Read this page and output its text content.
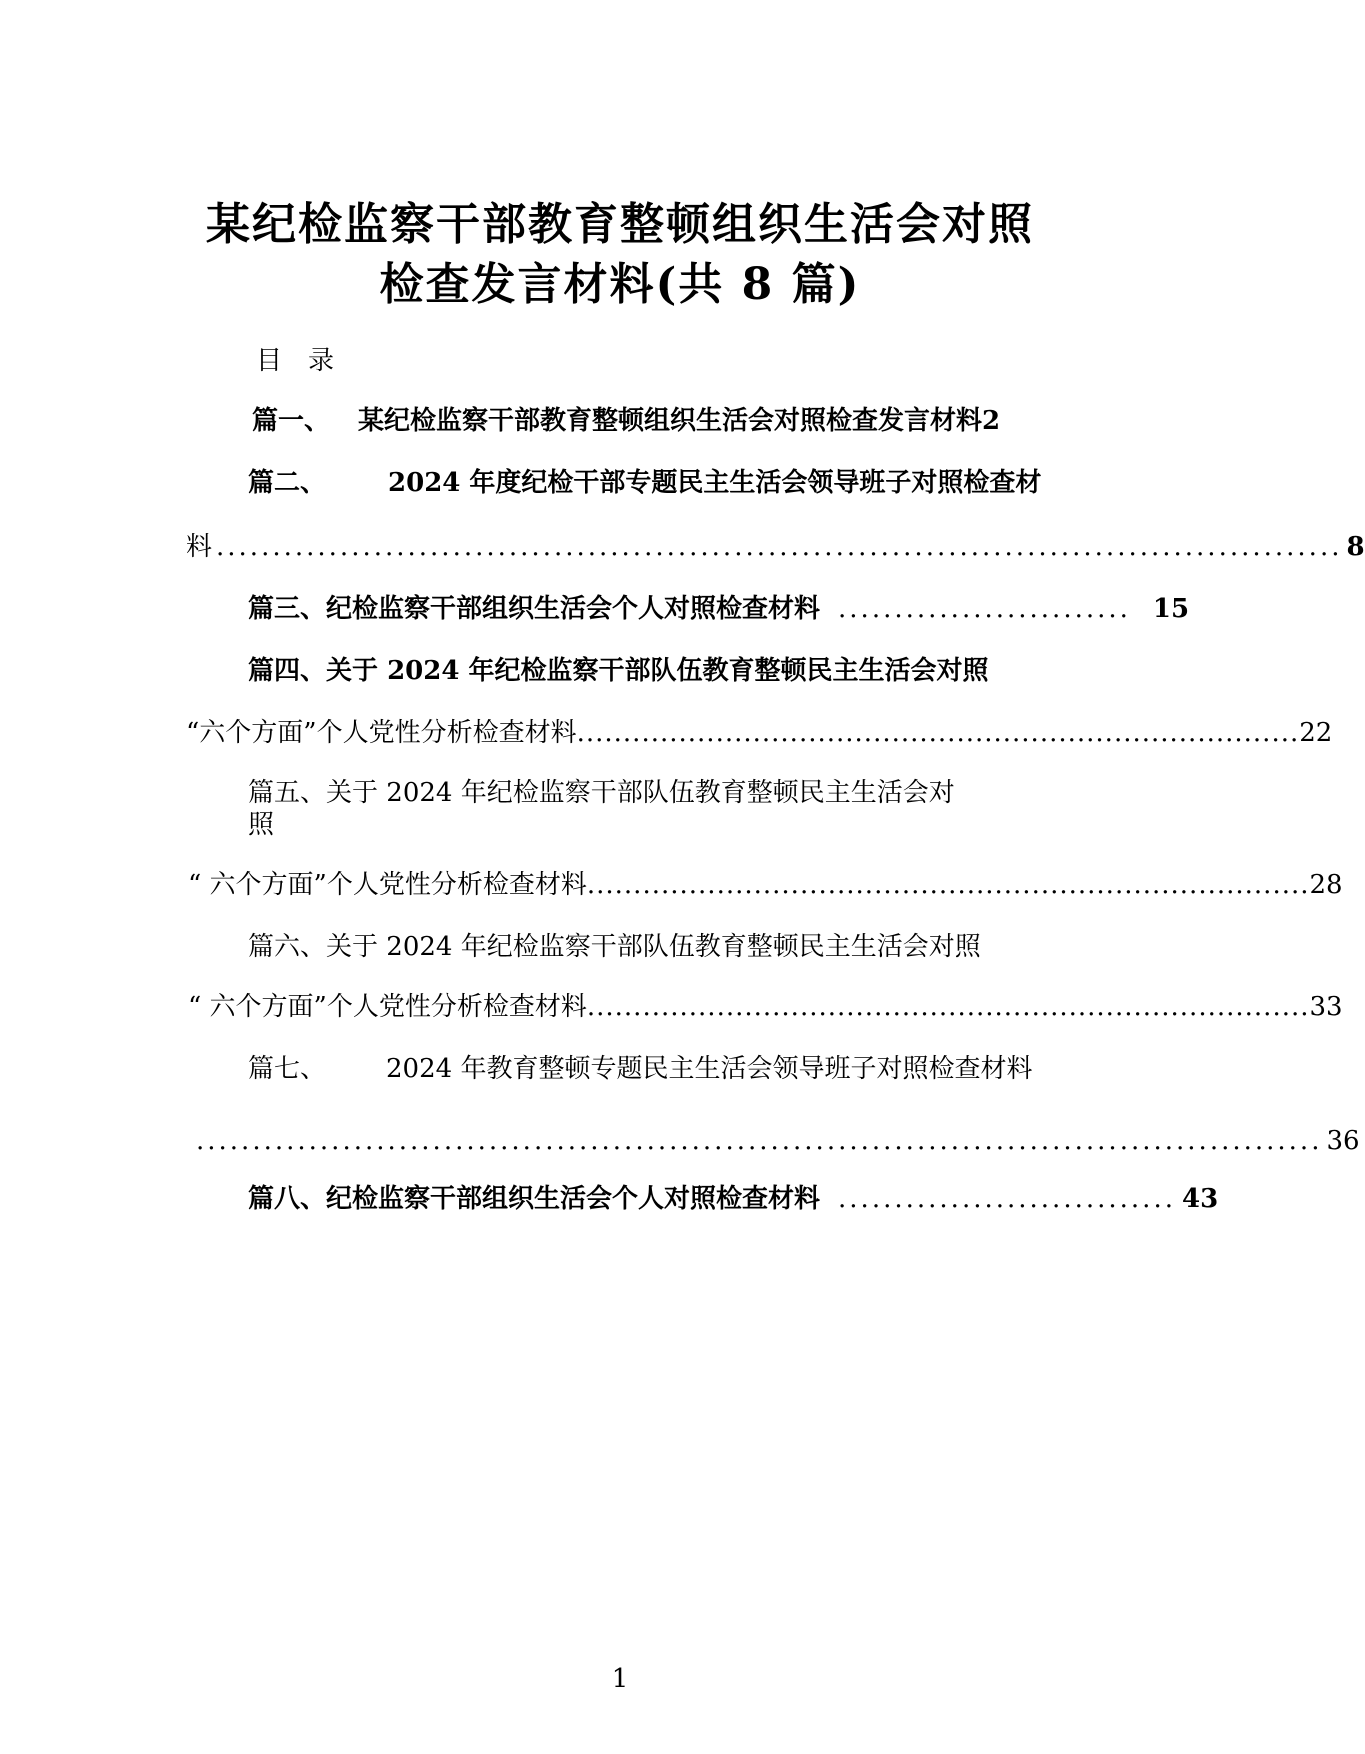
某纪检监察干部教育整顿组织生活会对照
检查发言材料(共 8 篇)
目　录
篇一、 某纪检监察干部教育整顿组织生活会对照检查发言材料2
篇二、 2024 年度纪检干部专题民主生活会领导班子对照检查材
料 .................................................................................................... 8
篇三、 纪检监察干部组织生活会个人对照检查材料 .......................... 15
篇四、关于 2024 年纪检监察干部队伍教育整顿民主生活会对照
“六个方面”个人党性分析检查材料 .............................................................................. 22
篇五、关于 2024 年纪检监察干部队伍教育整顿民主生活会对
照
“ 六个方面”个人党性分析检查材料 .............................................................................. 28
篇六、关于 2024 年纪检监察干部队伍教育整顿民主生活会对照
“ 六个方面”个人党性分析检查材料 .............................................................................. 33
篇七、 2024 年教育整顿专题民主生活会领导班子对照检查材料
.................................................................................................... 36
篇八、 纪检监察干部组织生活会个人对照检查材料 .............................. 43
1
